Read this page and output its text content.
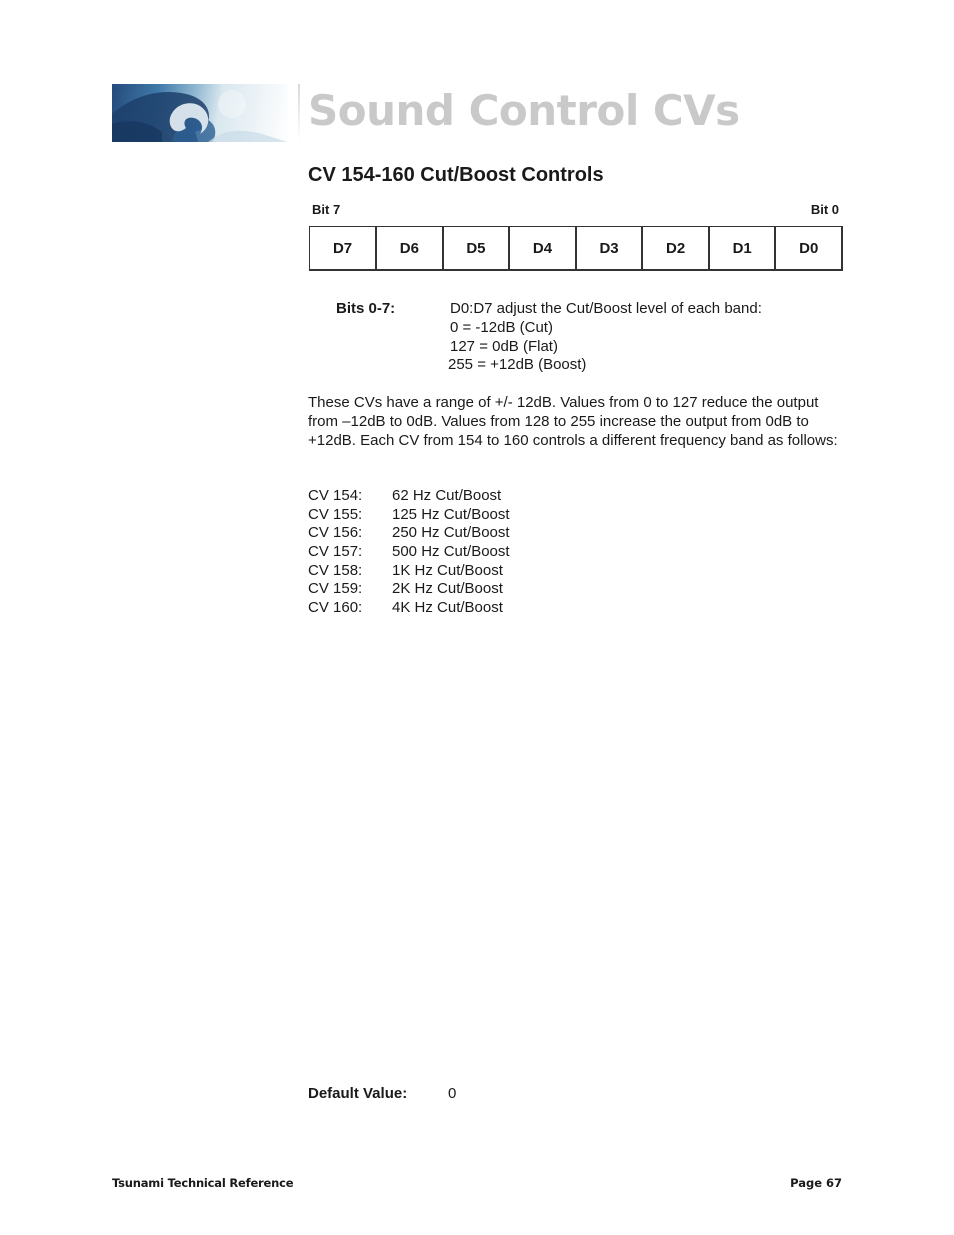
Sound Control CVs
CV 154-160 Cut/Boost Controls
Bit 7	Bit 0
D7	D6	D5	D4	D3	D2	D1	D0
Bits 0-7:	D0:D7 adjust the Cut/Boost level of each band:
0 = -12dB (Cut)
127 = 0dB (Flat)
255 = +12dB (Boost)

These CVs have a range of +/- 12dB. Values from 0 to 127 reduce the output from –12dB to 0dB. Values from 128 to 255 increase the output from 0dB to +12dB. Each CV from 154 to 160 controls a different frequency band as follows:

CV 154: 62 Hz Cut/Boost
CV 155: 125 Hz Cut/Boost
CV 156: 250 Hz Cut/Boost
CV 157: 500 Hz Cut/Boost
CV 158: 1K Hz Cut/Boost
CV 159: 2K Hz Cut/Boost
CV 160: 4K Hz Cut/Boost
Default Value:	0
Tsunami Technical Reference	Page 67
